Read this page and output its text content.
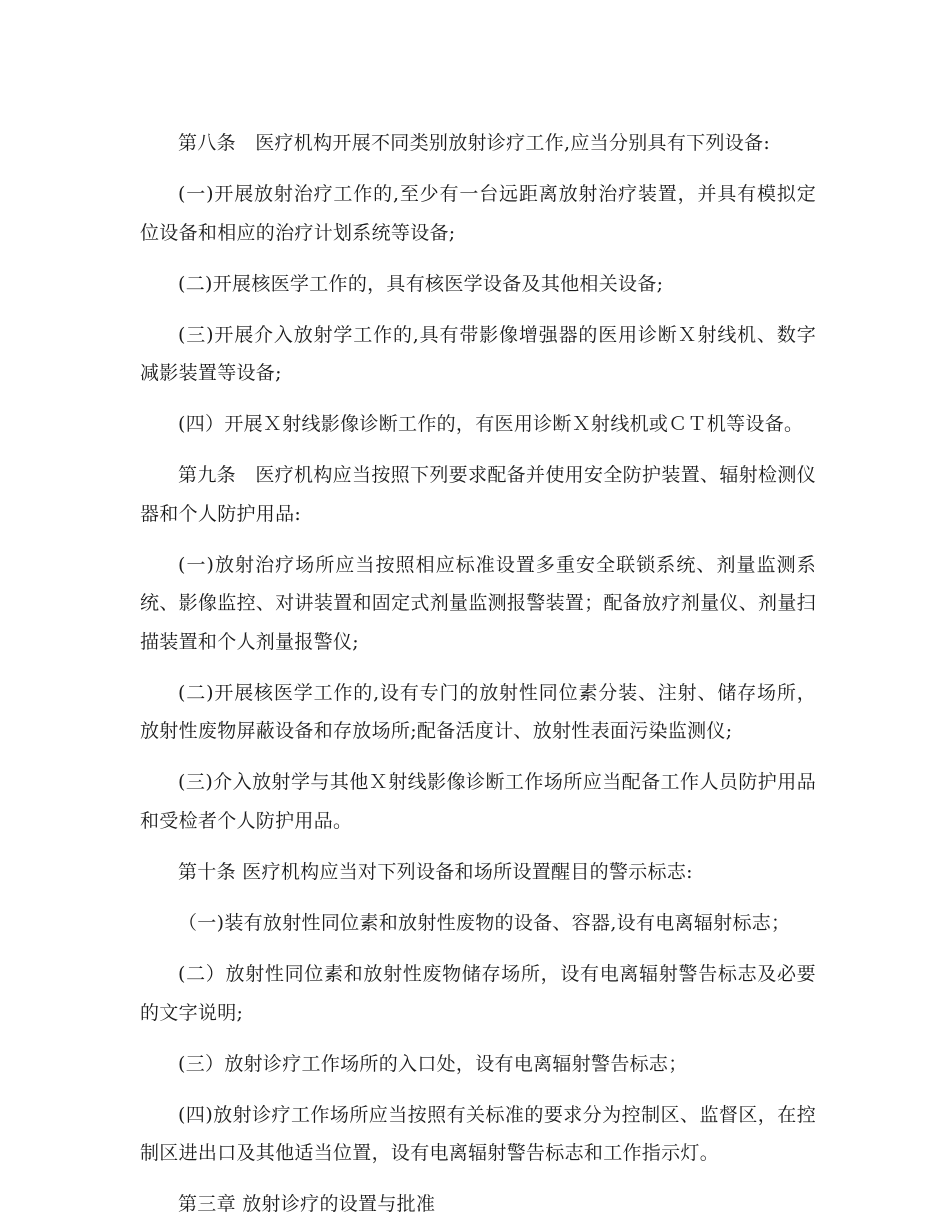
第八条　医疗机构开展不同类别放射诊疗工作,应当分别具有下列设备:

(一)开展放射治疗工作的,至少有一台远距离放射治疗装置，并具有模拟定位设备和相应的治疗计划系统等设备;

(二)开展核医学工作的，具有核医学设备及其他相关设备;

(三)开展介入放射学工作的,具有带影像增强器的医用诊断Ｘ射线机、数字减影装置等设备;

(四）开展Ｘ射线影像诊断工作的，有医用诊断Ｘ射线机或ＣＴ机等设备。

第九条　医疗机构应当按照下列要求配备并使用安全防护装置、辐射检测仪器和个人防护用品:

(一)放射治疗场所应当按照相应标准设置多重安全联锁系统、剂量监测系统、影像监控、对讲装置和固定式剂量监测报警装置；配备放疗剂量仪、剂量扫描装置和个人剂量报警仪;

(二)开展核医学工作的,设有专门的放射性同位素分装、注射、储存场所，放射性废物屏蔽设备和存放场所;配备活度计、放射性表面污染监测仪;

(三)介入放射学与其他Ｘ射线影像诊断工作场所应当配备工作人员防护用品和受检者个人防护用品。

第十条 医疗机构应当对下列设备和场所设置醒目的警示标志:

（一)装有放射性同位素和放射性废物的设备、容器,设有电离辐射标志；

(二）放射性同位素和放射性废物储存场所，设有电离辐射警告标志及必要的文字说明;

(三）放射诊疗工作场所的入口处，设有电离辐射警告标志；

(四)放射诊疗工作场所应当按照有关标准的要求分为控制区、监督区，在控制区进出口及其他适当位置，设有电离辐射警告标志和工作指示灯。

第三章 放射诊疗的设置与批准
